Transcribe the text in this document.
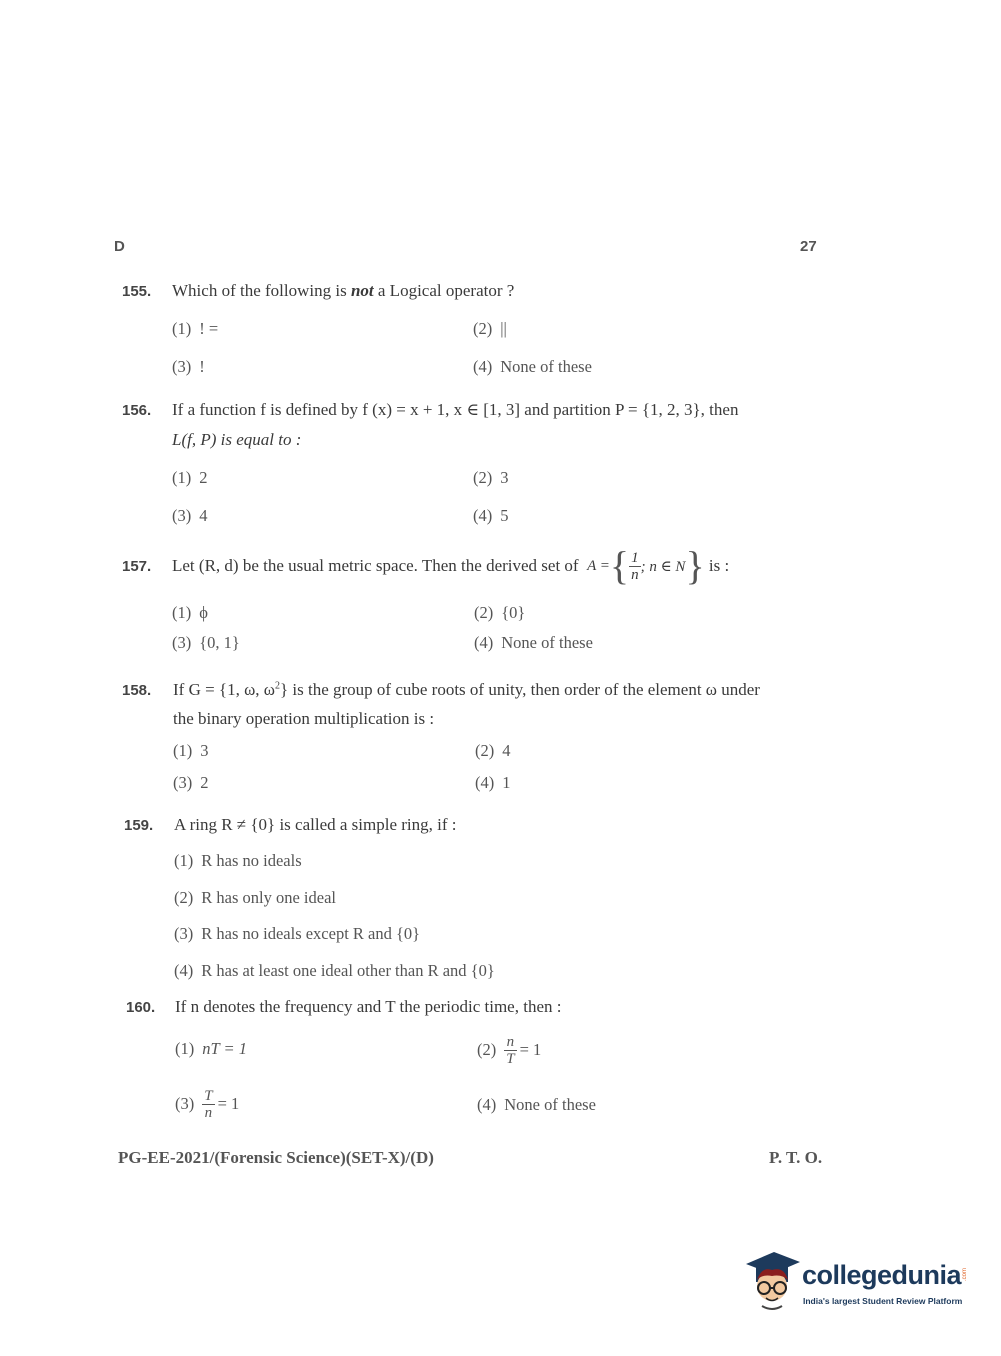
D	27
155. Which of the following is not a Logical operator ?
(1) ! =	(2) ||
(3) !	(4) None of these
156. If a function f is defined by f (x) = x + 1, x ∈ [1, 3] and partition P = {1, 2, 3}, then
L(f, P) is equal to :
(1) 2	(2) 3
(3) 4	(4) 5
157. Let (R, d) be the usual metric space. Then the derived set of
A = { $\frac{1}{n}$ ; n ∈ N }
is :
(1) ϕ	(2) {0}
(3) {0, 1}	(4) None of these
158. If G = {1, ω, $\omega^2$} is the group of cube roots of unity, then order of the element ω under
the binary operation multiplication is :
(1) 3	(2) 4
(3) 2	(4) 1
159. A ring R ≠ {0} is called a simple ring, if :
(1) R has no ideals
(2) R has only one ideal
(3) R has no ideals except R and {0}
(4) R has at least one ideal other than R and {0}
160. If n denotes the frequency and T the periodic time, then :
(1) nT = 1	$(2) \frac{n}{T} = 1$
$(3) \frac{T}{n} = 1$	(4) None of these
PG-EE-2021/(Forensic Science)(SET-X)/(D)	P. T. O.
collegedunia .com
India's largest Student Review Platform
